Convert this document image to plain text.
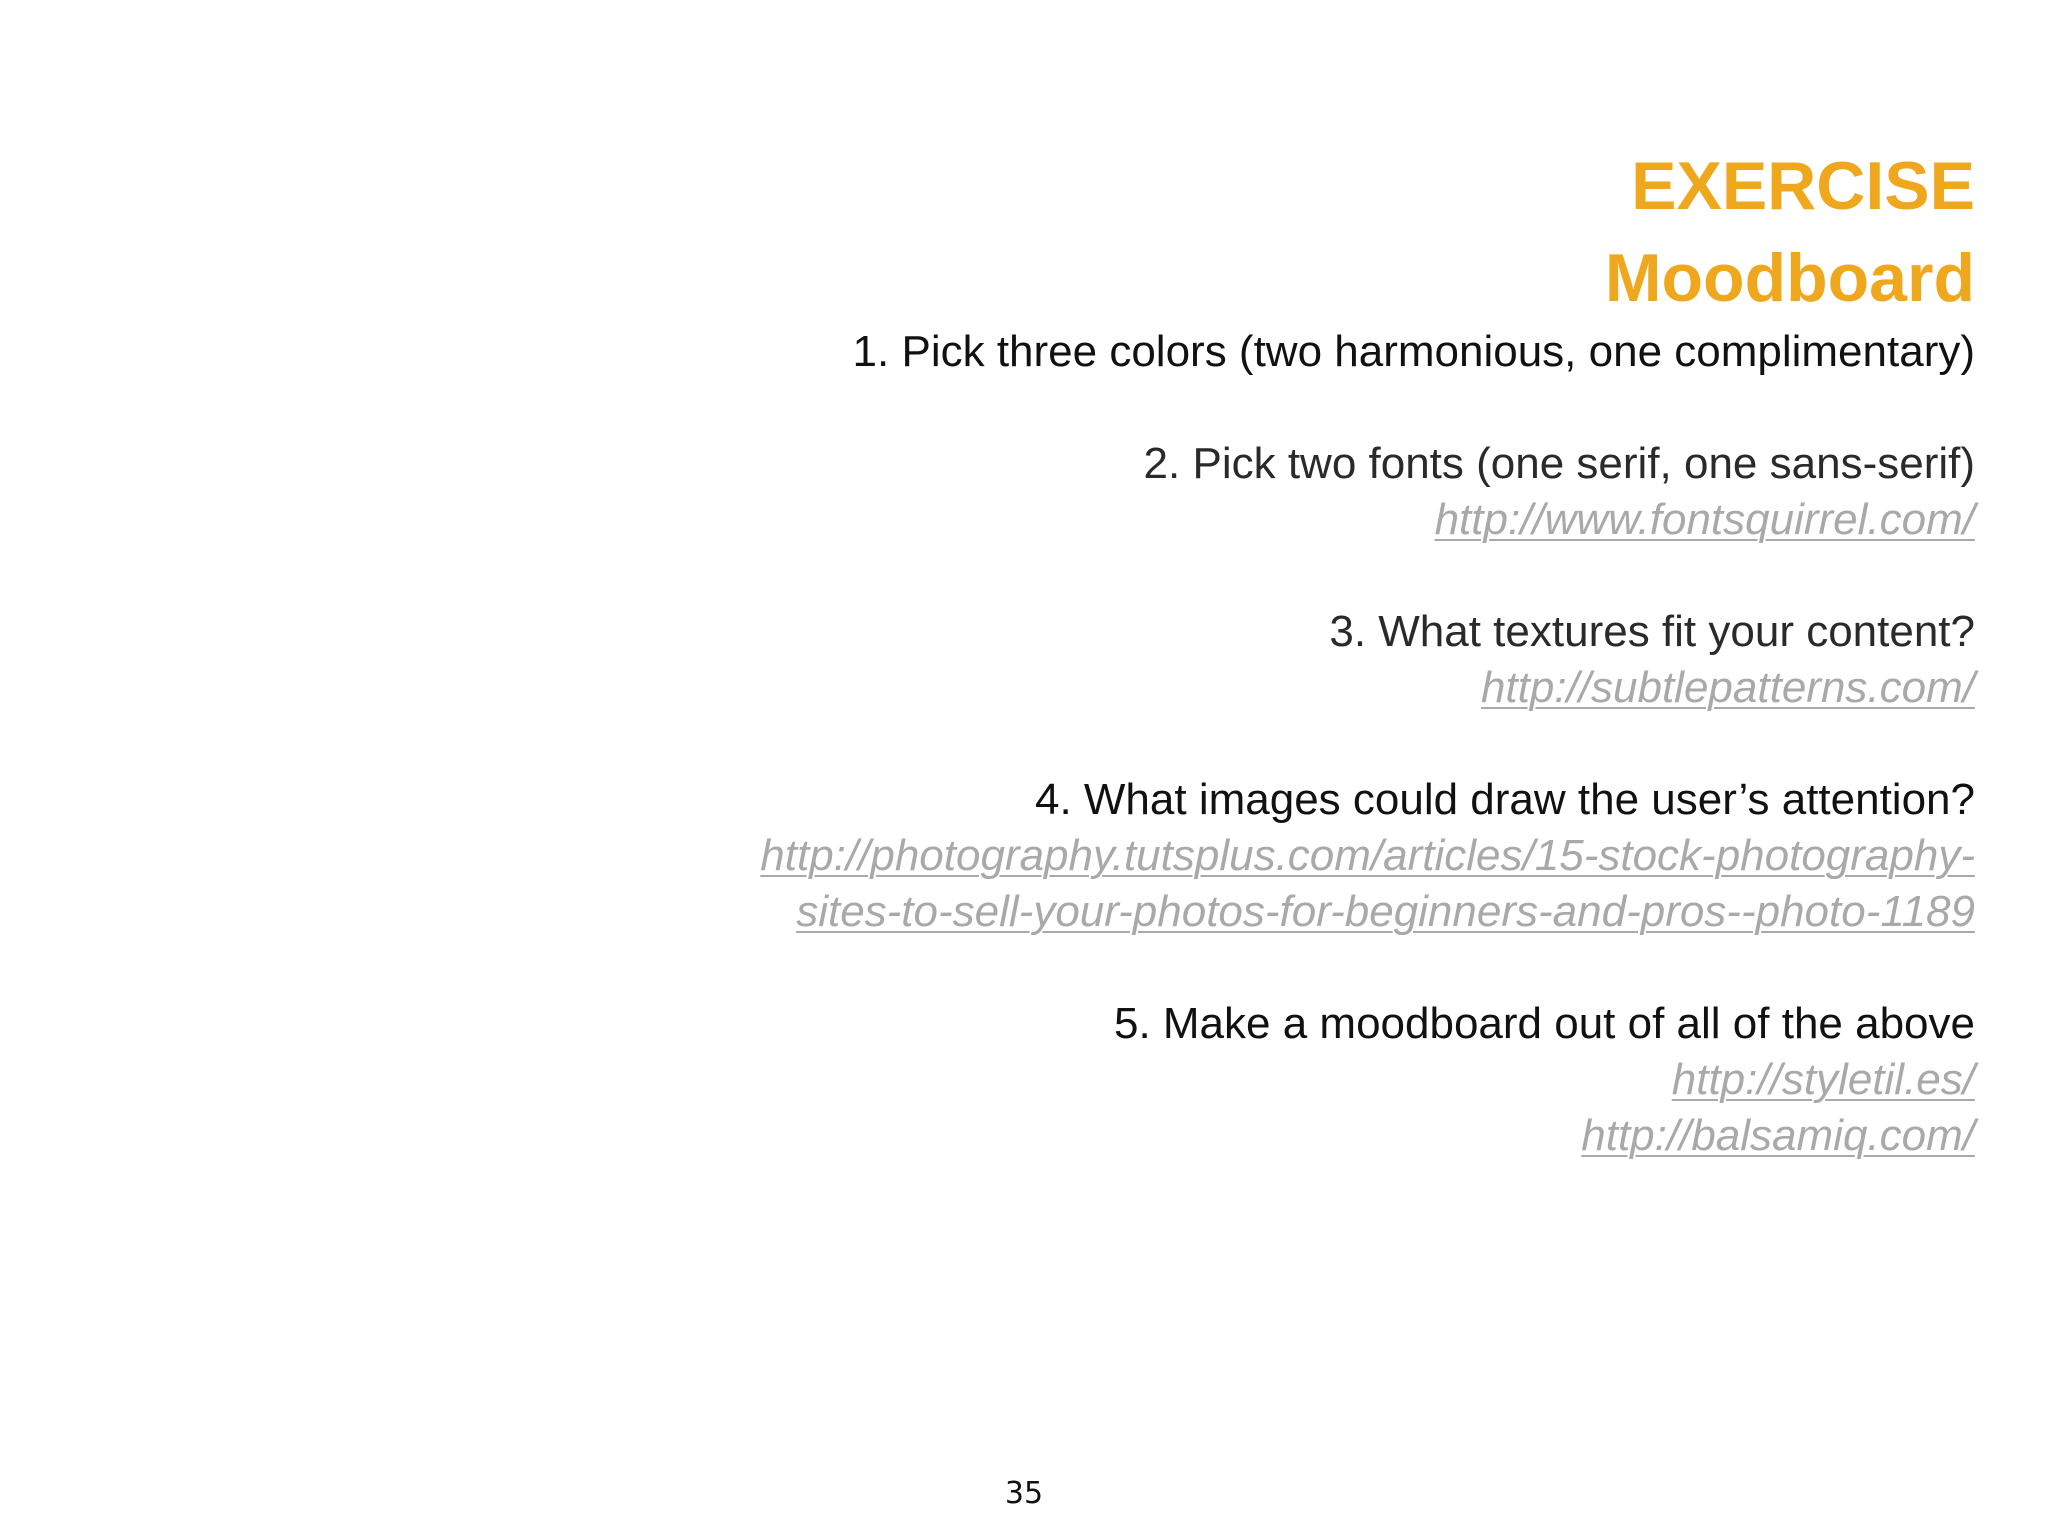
EXERCISE
Moodboard
1. Pick three colors (two harmonious, one complimentary)
2. Pick two fonts (one serif, one sans-serif)
http://www.fontsquirrel.com/
3. What textures fit your content?
http://subtlepatterns.com/
4. What images could draw the user’s attention?
http://photography.tutsplus.com/articles/15-stock-photography-
sites-to-sell-your-photos-for-beginners-and-pros--photo-1189
5. Make a moodboard out of all of the above
http://styletil.es/
http://balsamiq.com/
35
